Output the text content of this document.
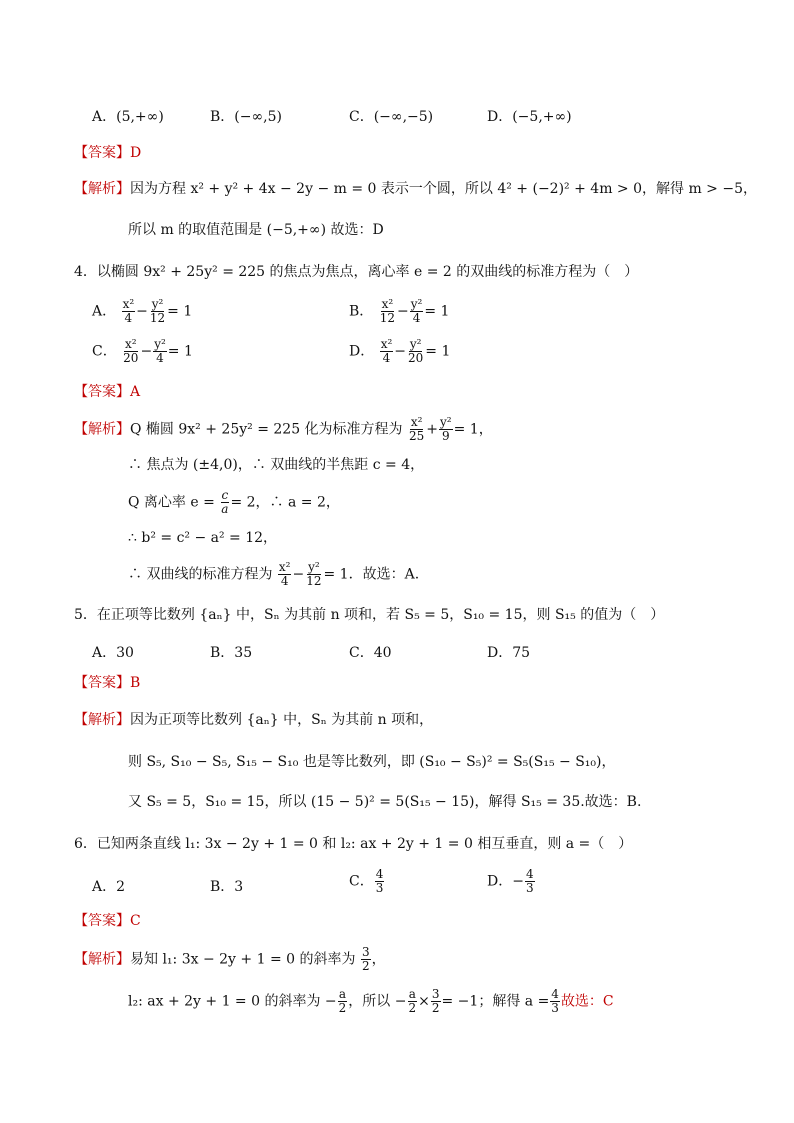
A．(5,+∞)	B．(−∞,5)	C．(−∞,−5)	D．(−5,+∞)
【答案】D
【解析】因为方程 x² + y² + 4x − 2y − m = 0 表示一个圆，所以 4² + (−2)² + 4m > 0，解得 m > −5，
所以 m 的取值范围是 (−5,+∞) 故选：D
4．以椭圆 9x² + 25y² = 225 的焦点为焦点，离心率 e = 2 的双曲线的标准方程为（　）
A． $\frac{\text{x²}}{4} - \frac{\text{y²}}{12} = 1$	B． $\frac{\text{x²}}{12} - \frac{\text{y²}}{4} = 1$
C． $\frac{\text{x²}}{20} - \frac{\text{y²}}{4} = 1$	D． $\frac{\text{x²}}{4} - \frac{\text{y²}}{20} = 1$
【答案】A
【解析】Q 椭圆 9x² + 25y² = 225 化为标准方程为 $\frac{\text{x²}}{25} + \frac{\text{y²}}{9} = 1$，
∴ 焦点为 (±4,0)，∴ 双曲线的半焦距 c = 4，
Q 离心率 $e = \frac{c}{a} = 2$，∴ a = 2，
∴ b² = c² − a² = 12，
∴ 双曲线的标准方程为 $\frac{\text{x²}}{4} - \frac{\text{y²}}{12} = 1$．故选：A.
5．在正项等比数列 {aₙ} 中，Sₙ 为其前 n 项和，若 S₅ = 5，S₁₀ = 15，则 S₁₅ 的值为（　）
A．30	B．35	C．40	D．75
【答案】B
【解析】因为正项等比数列 {aₙ} 中，Sₙ 为其前 n 项和，
则 S₅, S₁₀ − S₅, S₁₅ − S₁₀ 也是等比数列，即 (S₁₀ − S₅)² = S₅(S₁₅ − S₁₀)，
又 S₅ = 5，S₁₀ = 15，所以 (15 − 5)² = 5(S₁₅ − 15)，解得 S₁₅ = 35.故选：B.
6．已知两条直线 l₁: 3x − 2y + 1 = 0 和 l₂: ax + 2y + 1 = 0 相互垂直，则 a =（　）
A．2	B．3	C． $\frac{4}{3}$	D．− $\frac{4}{3}$
【答案】C
【解析】易知 l₁: 3x − 2y + 1 = 0 的斜率为 $\frac{3}{2}$ ，
l₂: ax + 2y + 1 = 0 的斜率为 − $\frac{a}{2}$ ，所以 − $\frac{a}{2} \times \frac{3}{2} = -1$；解得 $a = \frac{4}{3}$ 故选：C
